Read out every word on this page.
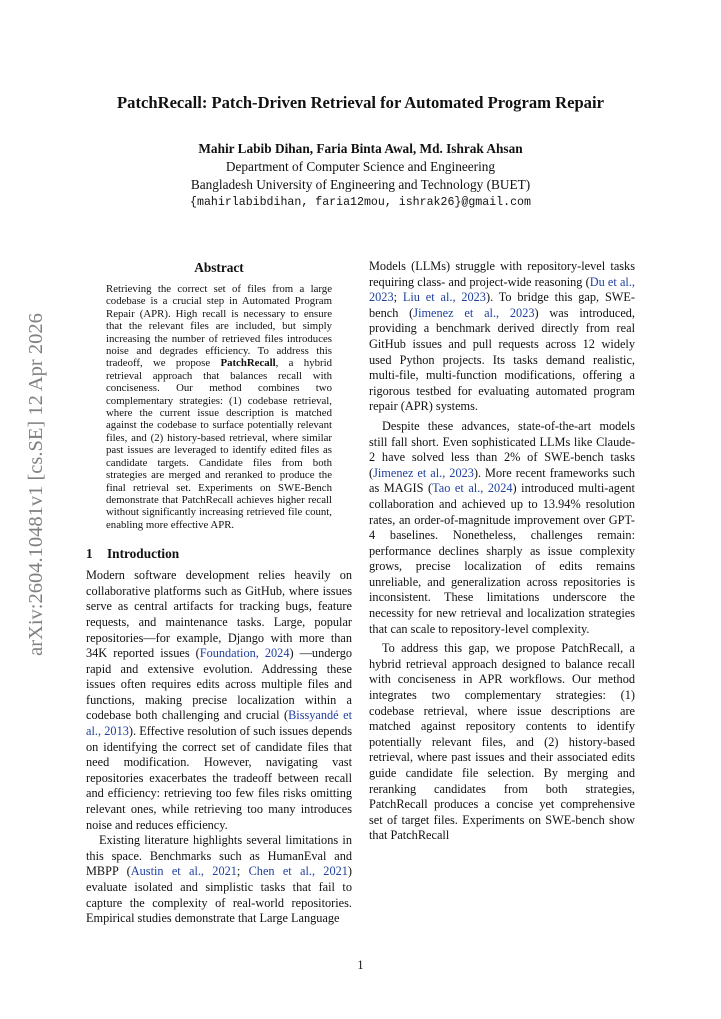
arXiv:2604.10481v1 [cs.SE] 12 Apr 2026
PatchRecall: Patch-Driven Retrieval for Automated Program Repair
Mahir Labib Dihan, Faria Binta Awal, Md. Ishrak Ahsan
Department of Computer Science and Engineering
Bangladesh University of Engineering and Technology (BUET)
{mahirlabibdihan, faria12mou, ishrak26}@gmail.com
Abstract

Retrieving the correct set of files from a large codebase is a crucial step in Automated Program Repair (APR). High recall is necessary to ensure that the relevant files are included, but simply increasing the number of retrieved files introduces noise and degrades efficiency. To address this tradeoff, we propose PatchRecall, a hybrid retrieval approach that balances recall with conciseness. Our method combines two complementary strategies: (1) codebase retrieval, where the current issue description is matched against the codebase to surface potentially relevant files, and (2) history-based retrieval, where similar past issues are leveraged to identify edited files as candidate targets. Candidate files from both strategies are merged and reranked to produce the final retrieval set. Experiments on SWE-Bench demonstrate that PatchRecall achieves higher recall without significantly increasing retrieved file count, enabling more effective APR.

1 Introduction

Modern software development relies heavily on collaborative platforms such as GitHub, where issues serve as central artifacts for tracking bugs, feature requests, and maintenance tasks. Large, popular repositories—for example, Django with more than 34K reported issues (Foundation, 2024) —undergo rapid and extensive evolution. Addressing these issues often requires edits across multiple files and functions, making precise localization within a codebase both challenging and crucial (Bissyandé et al., 2013). Effective resolution of such issues depends on identifying the correct set of candidate files that need modification. However, navigating vast repositories exacerbates the tradeoff between recall and efficiency: retrieving too few files risks omitting relevant ones, while retrieving too many introduces noise and reduces efficiency.

Existing literature highlights several limitations in this space. Benchmarks such as HumanEval and MBPP (Austin et al., 2021; Chen et al., 2021) evaluate isolated and simplistic tasks that fail to capture the complexity of real-world repositories. Empirical studies demonstrate that Large Language

Models (LLMs) struggle with repository-level tasks requiring class- and project-wide reasoning (Du et al., 2023; Liu et al., 2023). To bridge this gap, SWE-bench (Jimenez et al., 2023) was introduced, providing a benchmark derived directly from real GitHub issues and pull requests across 12 widely used Python projects. Its tasks demand realistic, multi-file, multi-function modifications, offering a rigorous testbed for evaluating automated program repair (APR) systems.

Despite these advances, state-of-the-art models still fall short. Even sophisticated LLMs like Claude-2 have solved less than 2% of SWE-bench tasks (Jimenez et al., 2023). More recent frameworks such as MAGIS (Tao et al., 2024) introduced multi-agent collaboration and achieved up to 13.94% resolution rates, an order-of-magnitude improvement over GPT-4 baselines. Nonetheless, challenges remain: performance declines sharply as issue complexity grows, precise localization of edits remains unreliable, and generalization across repositories is inconsistent. These limitations underscore the necessity for new retrieval and localization strategies that can scale to repository-level complexity.

To address this gap, we propose PatchRecall, a hybrid retrieval approach designed to balance recall with conciseness in APR workflows. Our method integrates two complementary strategies: (1) codebase retrieval, where issue descriptions are matched against repository contents to identify potentially relevant files, and (2) history-based retrieval, where past issues and their associated edits guide candidate file selection. By merging and reranking candidates from both strategies, PatchRecall produces a concise yet comprehensive set of target files. Experiments on SWE-bench show that PatchRecall

1
